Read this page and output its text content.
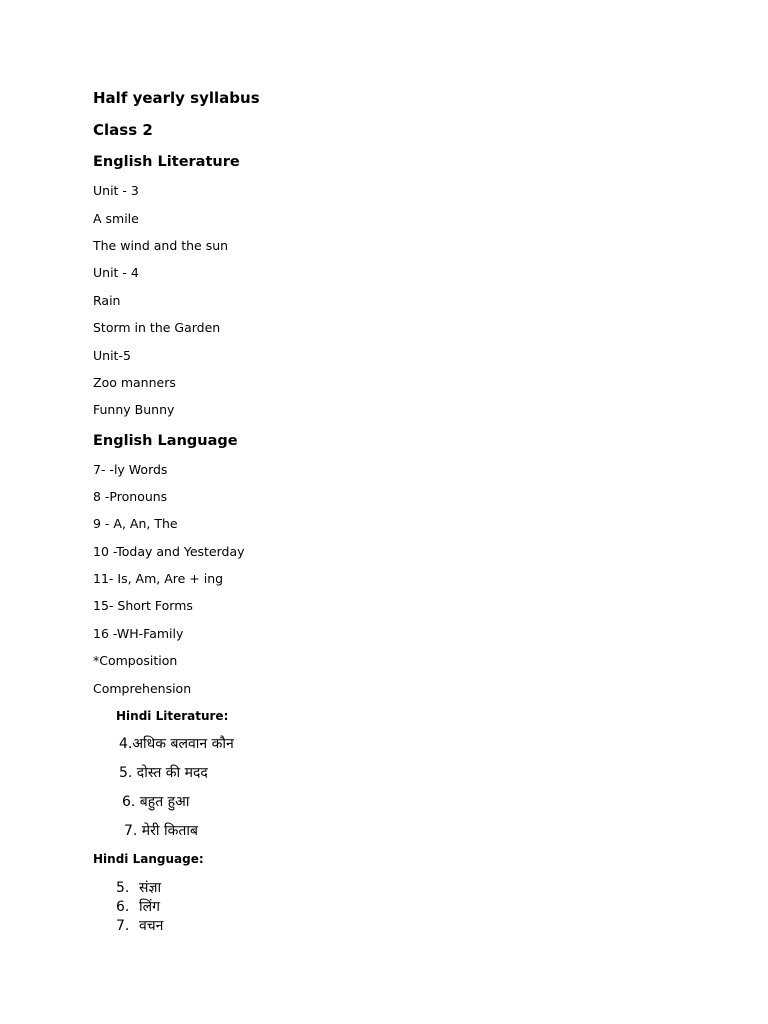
Half yearly syllabus
Class 2
English Literature
Unit - 3
A smile
The wind and the sun
Unit - 4
Rain
Storm in the Garden
Unit-5
Zoo manners
Funny Bunny
English Language
7- -ly Words
8 -Pronouns
9 - A, An, The
10 -Today and Yesterday
11- Is, Am, Are + ing
15- Short Forms
16 -WH-Family
*Composition
Comprehension
Hindi Literature:
4.अधिक बलवान कौन
5. दोस्त की मदद
6. बहुत हुआ
7. मेरी किताब
Hindi Language:
5. संज्ञा
6. लिंग
7. वचन
